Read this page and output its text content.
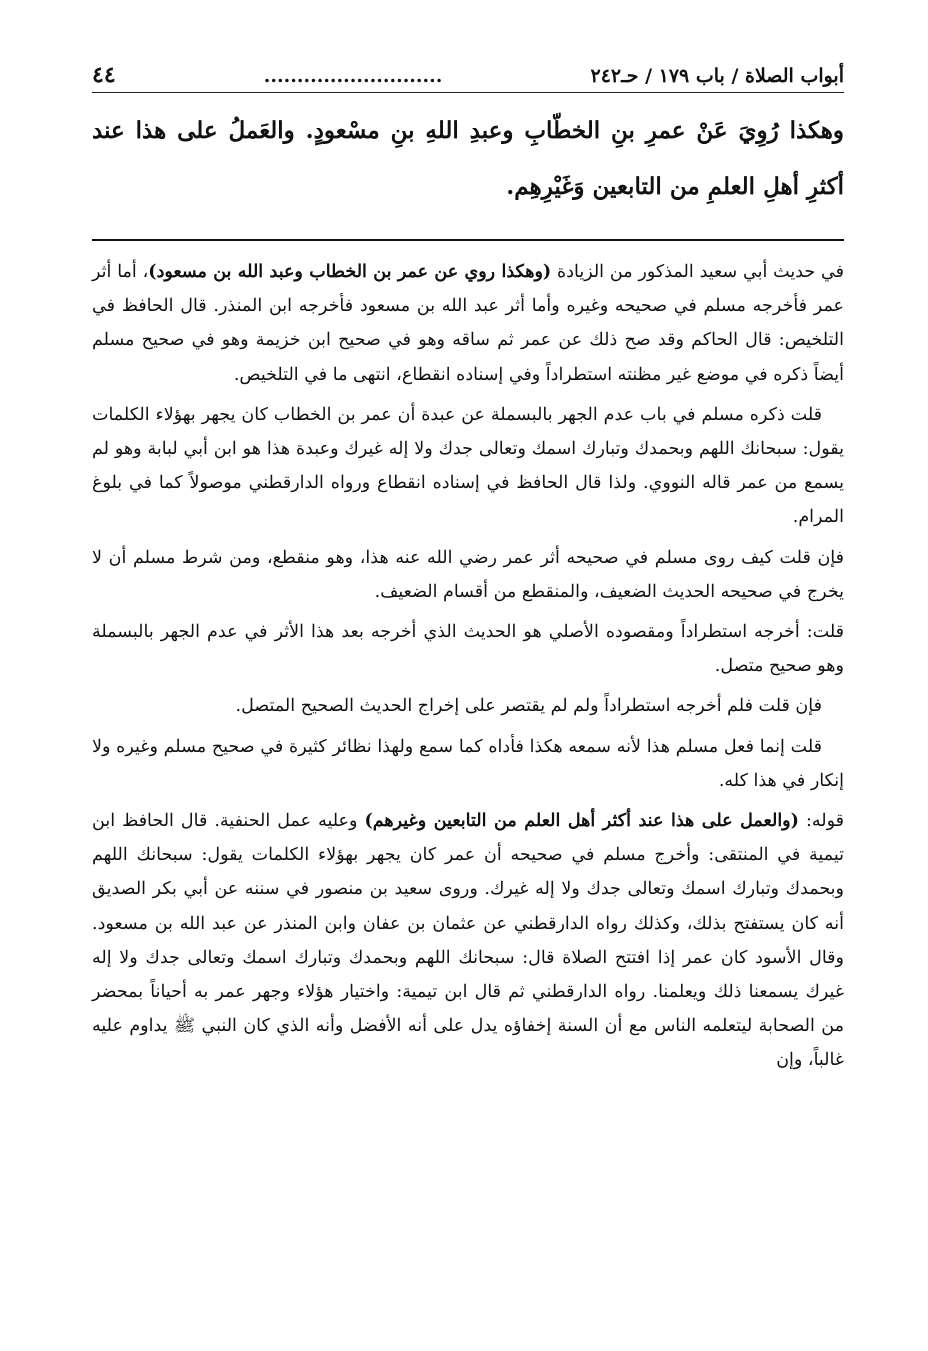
أبواب الصلاة / باب ١٧٩ / حـ٢٤٢
...........................
٤٤
وهكذا رُوِيَ عَنْ عمرِ بنِ الخطّابِ وعبدِ اللهِ بنِ مسْعودٍ. والعَملُ على هذا عند أكثرِ أهلِ العلمِ من التابعين وَغَيْرِهِم.

في حديث أبي سعيد المذكور من الزيادة (وهكذا روي عن عمر بن الخطاب وعبد الله بن مسعود)، أما أثر عمر فأخرجه مسلم في صحيحه وغيره وأما أثر عبد الله بن مسعود فأخرجه ابن المنذر. قال الحافظ في التلخيص: قال الحاكم وقد صح ذلك عن عمر ثم ساقه وهو في صحيح ابن خزيمة وهو في صحيح مسلم أيضاً ذكره في موضع غير مظنته استطراداً وفي إسناده انقطاع، انتهى ما في التلخيص.

قلت ذكره مسلم في باب عدم الجهر بالبسملة عن عبدة أن عمر بن الخطاب كان يجهر بهؤلاء الكلمات يقول: سبحانك اللهم وبحمدك وتبارك اسمك وتعالى جدك ولا إله غيرك وعبدة هذا هو ابن أبي لبابة وهو لم يسمع من عمر قاله النووي. ولذا قال الحافظ في إسناده انقطاع ورواه الدارقطني موصولاً كما في بلوغ المرام.

فإن قلت كيف روى مسلم في صحيحه أثر عمر رضي الله عنه هذا، وهو منقطع، ومن شرط مسلم أن لا يخرج في صحيحه الحديث الضعيف، والمنقطع من أقسام الضعيف.

قلت: أخرجه استطراداً ومقصوده الأصلي هو الحديث الذي أخرجه بعد هذا الأثر في عدم الجهر بالبسملة وهو صحيح متصل.

فإن قلت فلم أخرجه استطراداً ولم لم يقتصر على إخراج الحديث الصحيح المتصل.

قلت إنما فعل مسلم هذا لأنه سمعه هكذا فأداه كما سمع ولهذا نظائر كثيرة في صحيح مسلم وغيره ولا إنكار في هذا كله.

قوله: (والعمل على هذا عند أكثر أهل العلم من التابعين وغيرهم) وعليه عمل الحنفية. قال الحافظ ابن تيمية في المنتقى: وأخرج مسلم في صحيحه أن عمر كان يجهر بهؤلاء الكلمات يقول: سبحانك اللهم وبحمدك وتبارك اسمك وتعالى جدك ولا إله غيرك. وروى سعيد بن منصور في سننه عن أبي بكر الصديق أنه كان يستفتح بذلك، وكذلك رواه الدارقطني عن عثمان بن عفان وابن المنذر عن عبد الله بن مسعود. وقال الأسود كان عمر إذا افتتح الصلاة قال: سبحانك اللهم وبحمدك وتبارك اسمك وتعالى جدك ولا إله غيرك يسمعنا ذلك ويعلمنا. رواه الدارقطني ثم قال ابن تيمية: واختيار هؤلاء وجهر عمر به أحياناً بمحضر من الصحابة ليتعلمه الناس مع أن السنة إخفاؤه يدل على أنه الأفضل وأنه الذي كان النبي ﷺ يداوم عليه غالباً، وإن
